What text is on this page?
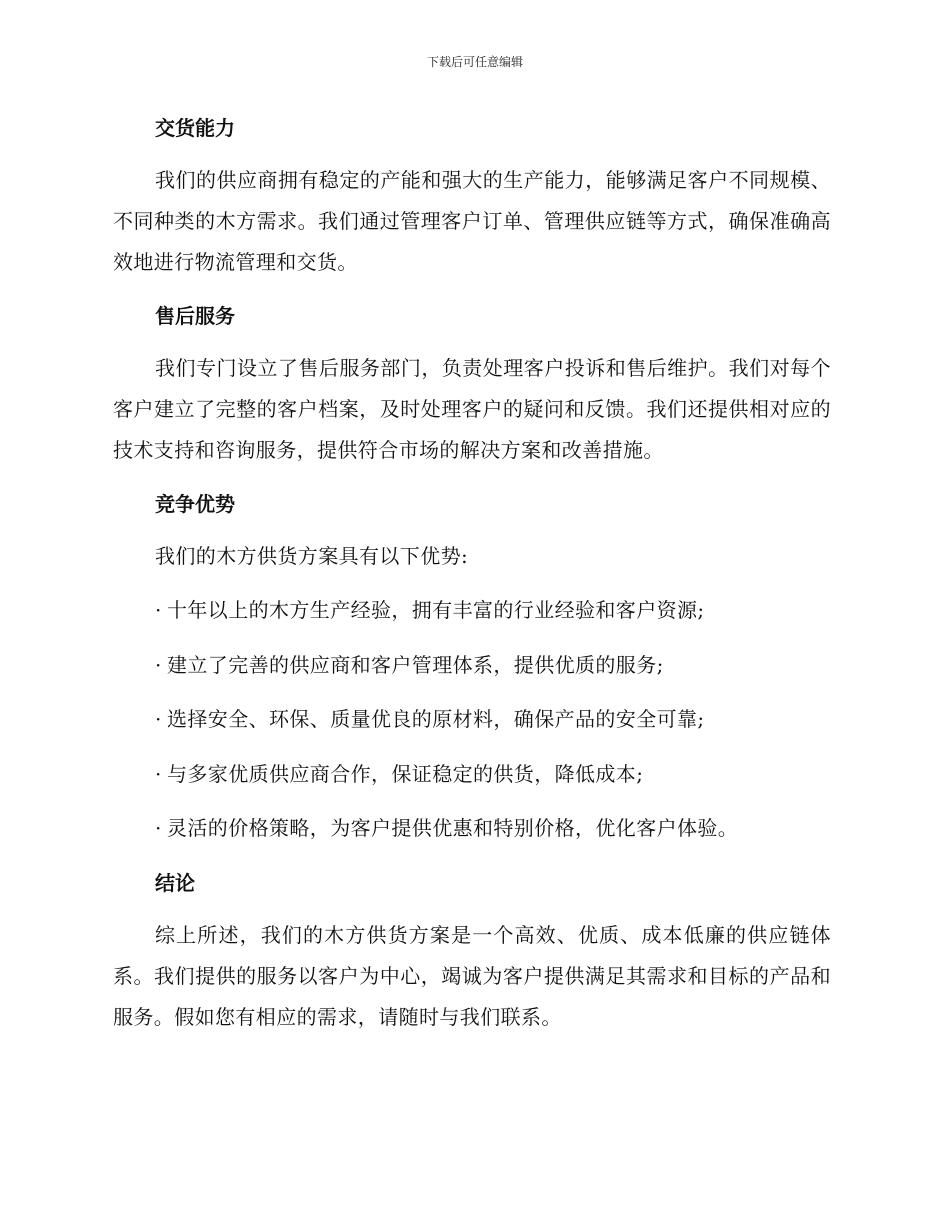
下载后可任意编辑
交货能力

我们的供应商拥有稳定的产能和强大的生产能力，能够满足客户不同规模、不同种类的木方需求。我们通过管理客户订单、管理供应链等方式，确保准确高效地进行物流管理和交货。

售后服务

我们专门设立了售后服务部门，负责处理客户投诉和售后维护。我们对每个客户建立了完整的客户档案，及时处理客户的疑问和反馈。我们还提供相对应的技术支持和咨询服务，提供符合市场的解决方案和改善措施。

竞争优势

我们的木方供货方案具有以下优势:

· 十年以上的木方生产经验，拥有丰富的行业经验和客户资源;
· 建立了完善的供应商和客户管理体系，提供优质的服务;
· 选择安全、环保、质量优良的原材料，确保产品的安全可靠;
· 与多家优质供应商合作，保证稳定的供货，降低成本;
· 灵活的价格策略，为客户提供优惠和特别价格，优化客户体验。
结论

综上所述，我们的木方供货方案是一个高效、优质、成本低廉的供应链体系。我们提供的服务以客户为中心，竭诚为客户提供满足其需求和目标的产品和服务。假如您有相应的需求，请随时与我们联系。
